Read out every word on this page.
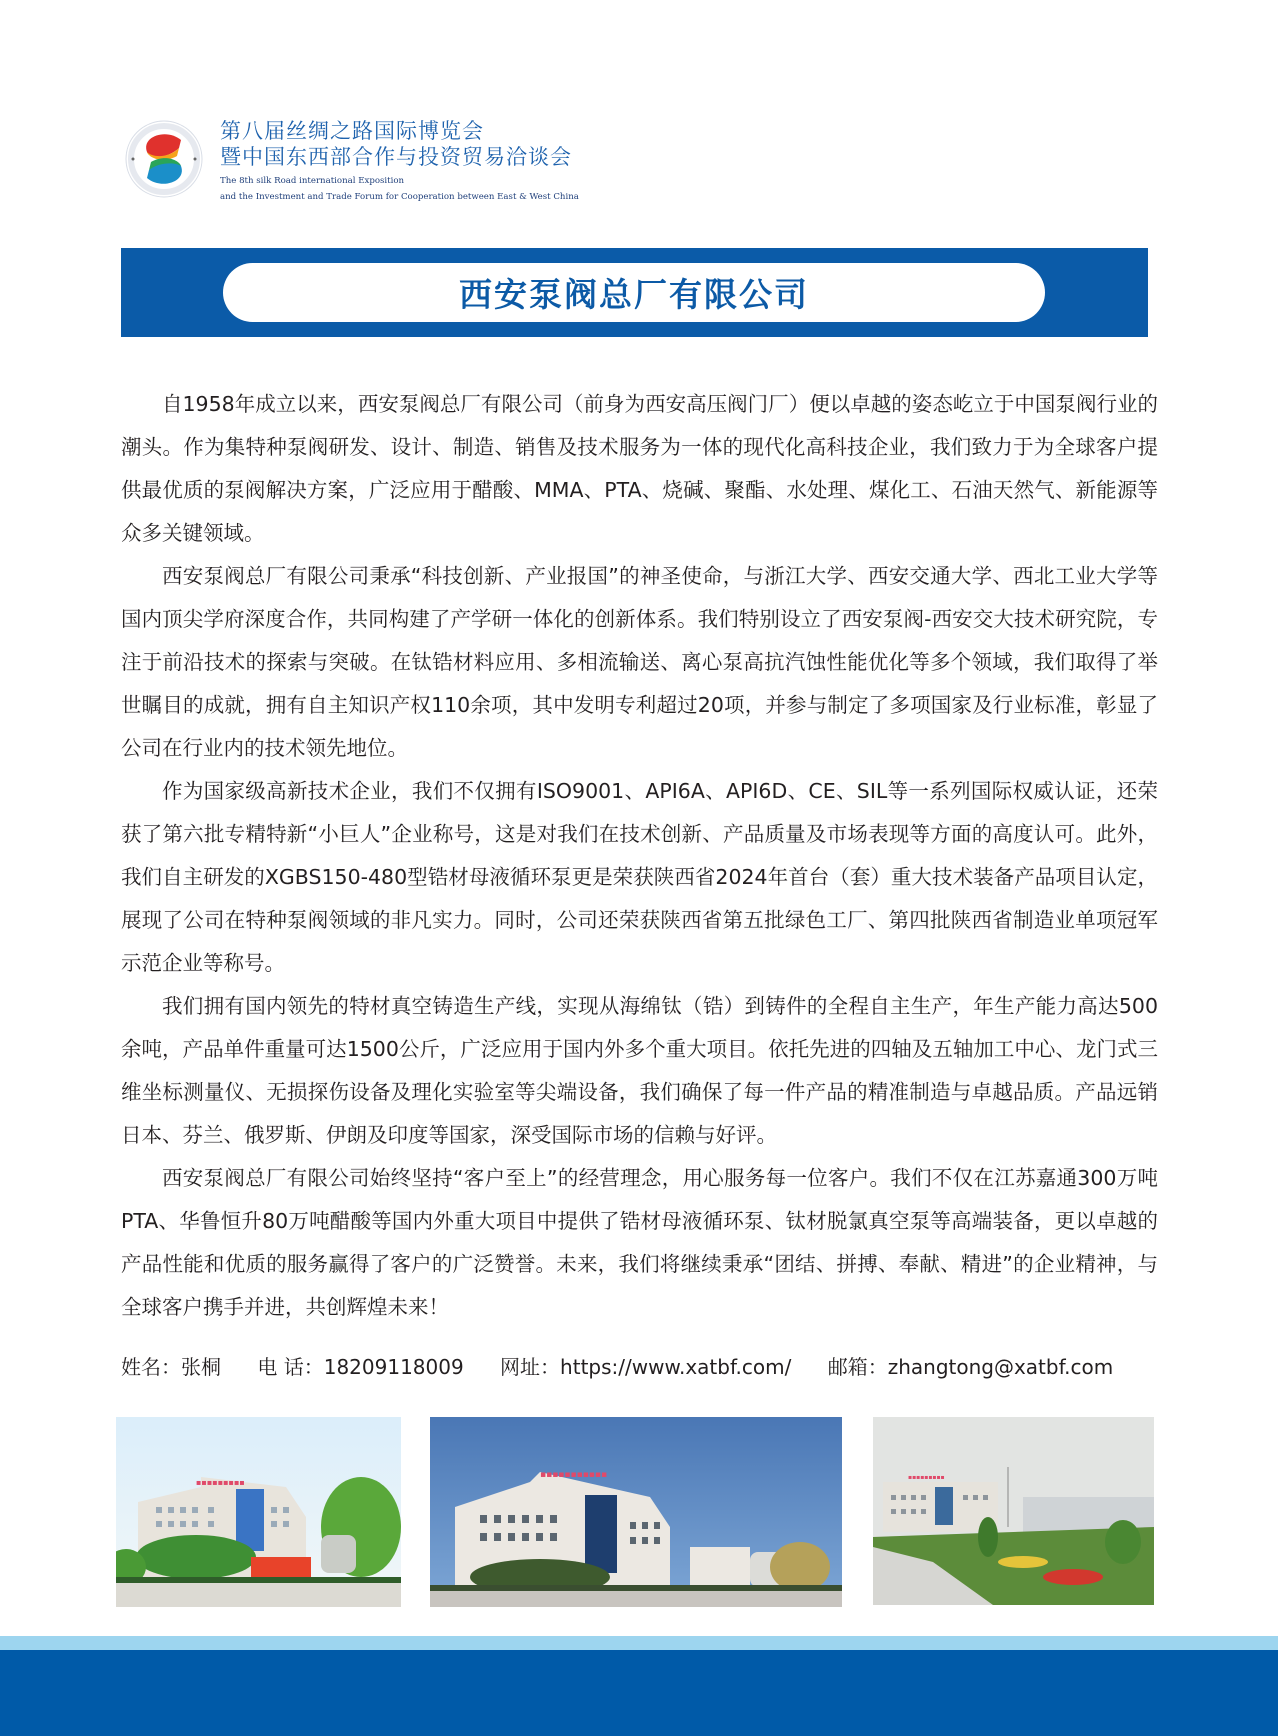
第八届丝绸之路国际博览会
暨中国东西部合作与投资贸易洽谈会
The 8th silk Road international Exposition
and the Investment and Trade Forum for Cooperation between East & West China
西安泵阀总厂有限公司

自1958年成立以来，西安泵阀总厂有限公司（前身为西安高压阀门厂）便以卓越的姿态屹立于中国泵阀行业的潮头。作为集特种泵阀研发、设计、制造、销售及技术服务为一体的现代化高科技企业，我们致力于为全球客户提供最优质的泵阀解决方案，广泛应用于醋酸、MMA、PTA、烧碱、聚酯、水处理、煤化工、石油天然气、新能源等众多关键领域。

西安泵阀总厂有限公司秉承“科技创新、产业报国”的神圣使命，与浙江大学、西安交通大学、西北工业大学等国内顶尖学府深度合作，共同构建了产学研一体化的创新体系。我们特别设立了西安泵阀-西安交大技术研究院，专注于前沿技术的探索与突破。在钛锆材料应用、多相流输送、离心泵高抗汽蚀性能优化等多个领域，我们取得了举世瞩目的成就，拥有自主知识产权110余项，其中发明专利超过20项，并参与制定了多项国家及行业标准，彰显了公司在行业内的技术领先地位。

作为国家级高新技术企业，我们不仅拥有ISO9001、API6A、API6D、CE、SIL等一系列国际权威认证，还荣获了第六批专精特新“小巨人”企业称号，这是对我们在技术创新、产品质量及市场表现等方面的高度认可。此外，我们自主研发的XGBS150-480型锆材母液循环泵更是荣获陕西省2024年首台（套）重大技术装备产品项目认定，展现了公司在特种泵阀领域的非凡实力。同时，公司还荣获陕西省第五批绿色工厂、第四批陕西省制造业单项冠军示范企业等称号。

我们拥有国内领先的特材真空铸造生产线，实现从海绵钛（锆）到铸件的全程自主生产，年生产能力高达500余吨，产品单件重量可达1500公斤，广泛应用于国内外多个重大项目。依托先进的四轴及五轴加工中心、龙门式三维坐标测量仪、无损探伤设备及理化实验室等尖端设备，我们确保了每一件产品的精准制造与卓越品质。产品远销日本、芬兰、俄罗斯、伊朗及印度等国家，深受国际市场的信赖与好评。

西安泵阀总厂有限公司始终坚持“客户至上”的经营理念，用心服务每一位客户。我们不仅在江苏嘉通300万吨PTA、华鲁恒升80万吨醋酸等国内外重大项目中提供了锆材母液循环泵、钛材脱氯真空泵等高端装备，更以卓越的产品性能和优质的服务赢得了客户的广泛赞誉。未来，我们将继续秉承“团结、拼搏、奉献、精进”的企业精神，与全球客户携手并进，共创辉煌未来！

姓名：张桐 电 话：18209118009 网址：https://www.xatbf.com/ 邮箱：zhangtong@xatbf.com
▪▪▪▪▪▪▪▪▪
▪▪▪▪▪▪▪▪▪▪▪	▪▪▪▪▪▪▪▪▪
